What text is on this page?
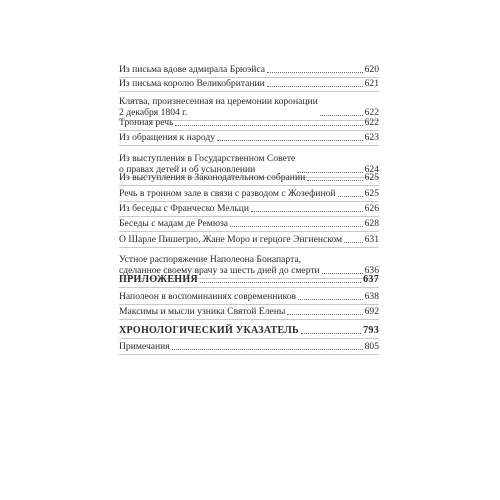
Из письма вдове адмирала Брюэйса	620
Из письма королю Великобритании	621
Клятва, произнесенная на церемонии коронации
2 декабря 1804 г.	622
Тронная речь	622
Из обращения к народу	623
Из выступления в Государственном Совете
о правах детей и об усыновлении	624
Из выступления в Законодательном собрании	625
Речь в тронном зале в связи с разводом с Жозефиной	625
Из беседы с Франческо Мельци	626
Беседы с мадам де Ремюза	628
О Шарле Пишегрю, Жане Моро и герцоге Энгиенском 631
Устное распоряжение Наполеона Бонапарта,
сделанное своему врачу за шесть дней до смерти	636
ПРИЛОЖЕНИЯ	637
Наполеон в воспоминаниях современников	638
Максимы и мысли узника Святой Елены	692
ХРОНОЛОГИЧЕСКИЙ УКАЗАТЕЛЬ	793
Примечания	805
